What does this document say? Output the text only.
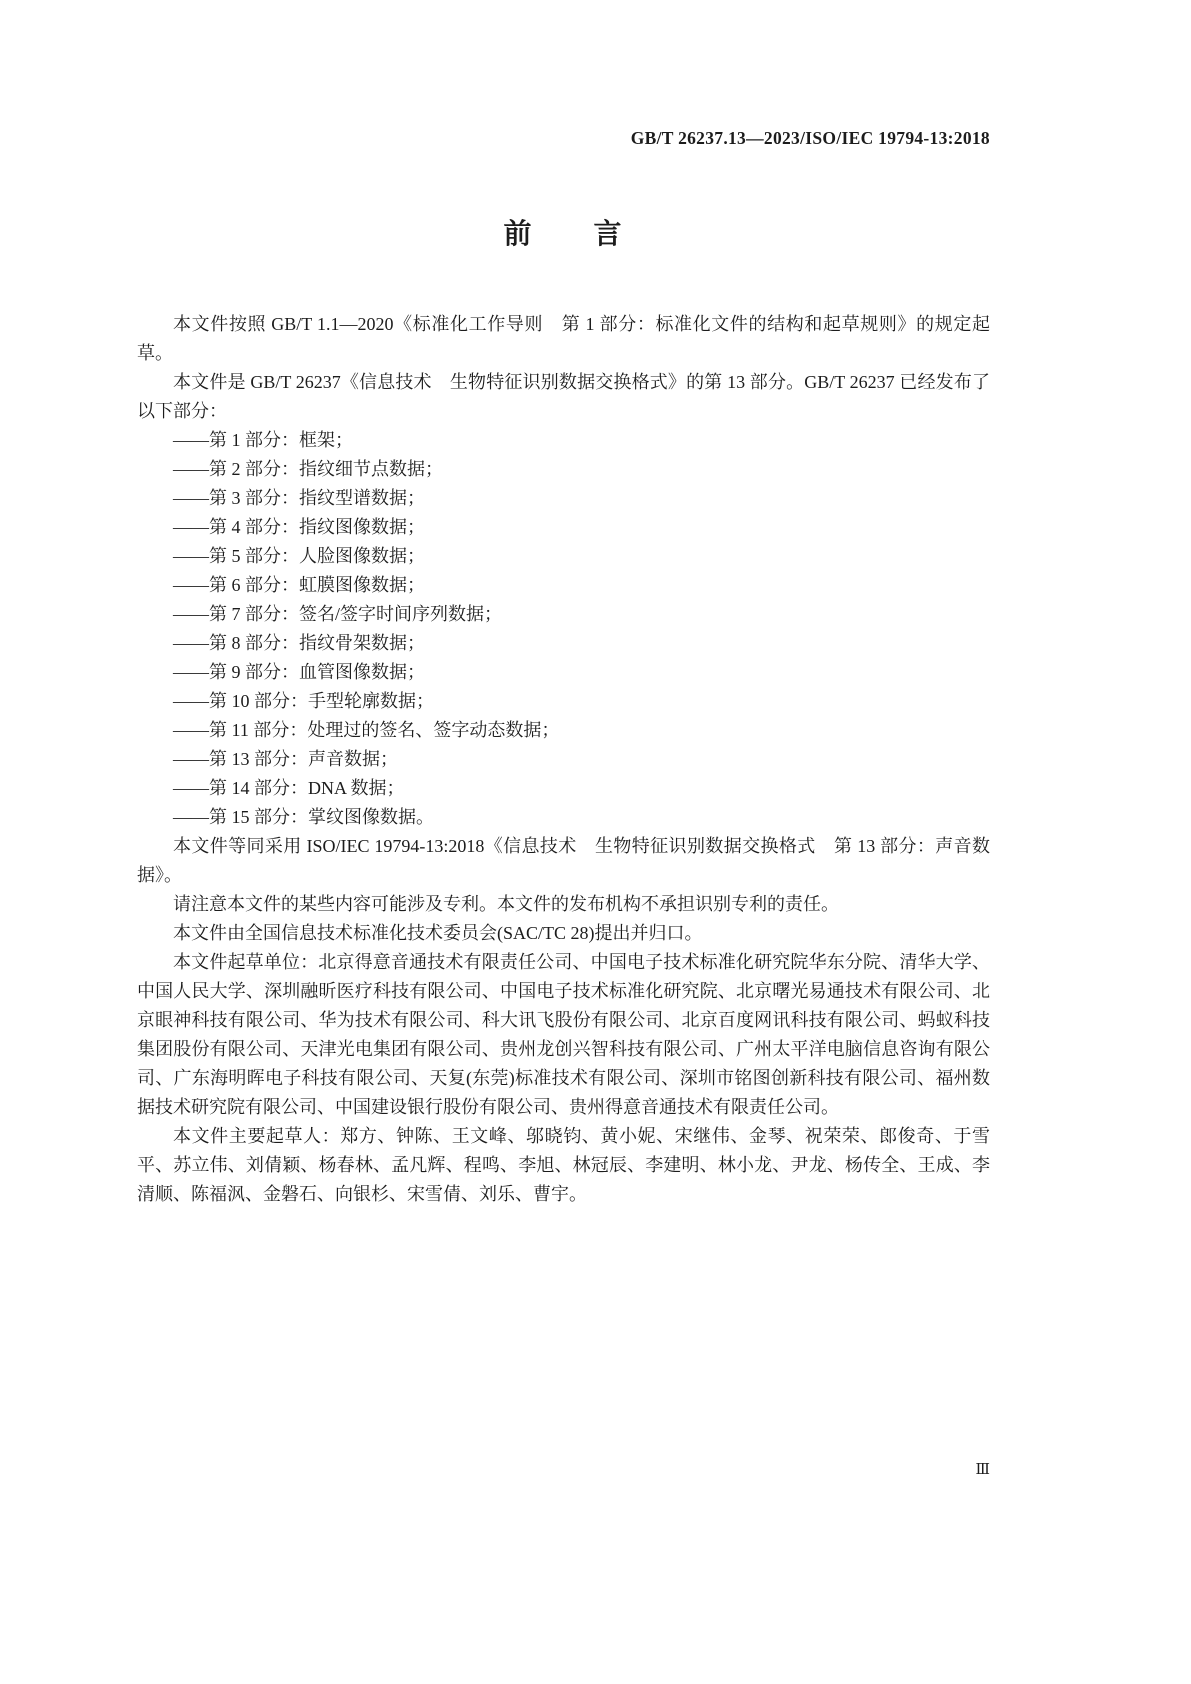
GB/T 26237.13—2023/ISO/IEC 19794-13:2018
前　　言

本文件按照 GB/T 1.1—2020《标准化工作导则　第 1 部分：标准化文件的结构和起草规则》的规定起草。

本文件是 GB/T 26237《信息技术　生物特征识别数据交换格式》的第 13 部分。GB/T 26237 已经发布了以下部分：

——第 1 部分：框架；

——第 2 部分：指纹细节点数据；

——第 3 部分：指纹型谱数据；

——第 4 部分：指纹图像数据；

——第 5 部分：人脸图像数据；

——第 6 部分：虹膜图像数据；

——第 7 部分：签名/签字时间序列数据；

——第 8 部分：指纹骨架数据；

——第 9 部分：血管图像数据；

——第 10 部分：手型轮廓数据；

——第 11 部分：处理过的签名、签字动态数据；

——第 13 部分：声音数据；

——第 14 部分：DNA 数据；

——第 15 部分：掌纹图像数据。

本文件等同采用 ISO/IEC 19794-13:2018《信息技术　生物特征识别数据交换格式　第 13 部分：声音数据》。

请注意本文件的某些内容可能涉及专利。本文件的发布机构不承担识别专利的责任。

本文件由全国信息技术标准化技术委员会(SAC/TC 28)提出并归口。

本文件起草单位：北京得意音通技术有限责任公司、中国电子技术标准化研究院华东分院、清华大学、中国人民大学、深圳融昕医疗科技有限公司、中国电子技术标准化研究院、北京曙光易通技术有限公司、北京眼神科技有限公司、华为技术有限公司、科大讯飞股份有限公司、北京百度网讯科技有限公司、蚂蚁科技集团股份有限公司、天津光电集团有限公司、贵州龙创兴智科技有限公司、广州太平洋电脑信息咨询有限公司、广东海明晖电子科技有限公司、天复(东莞)标准技术有限公司、深圳市铭图创新科技有限公司、福州数据技术研究院有限公司、中国建设银行股份有限公司、贵州得意音通技术有限责任公司。

本文件主要起草人：郑方、钟陈、王文峰、邬晓钧、黄小妮、宋继伟、金琴、祝荣荣、郎俊奇、于雪平、苏立伟、刘倩颖、杨春林、孟凡辉、程鸣、李旭、林冠辰、李建明、林小龙、尹龙、杨传全、王成、李清顺、陈福沨、金磐石、向银杉、宋雪倩、刘乐、曹宇。

Ⅲ
